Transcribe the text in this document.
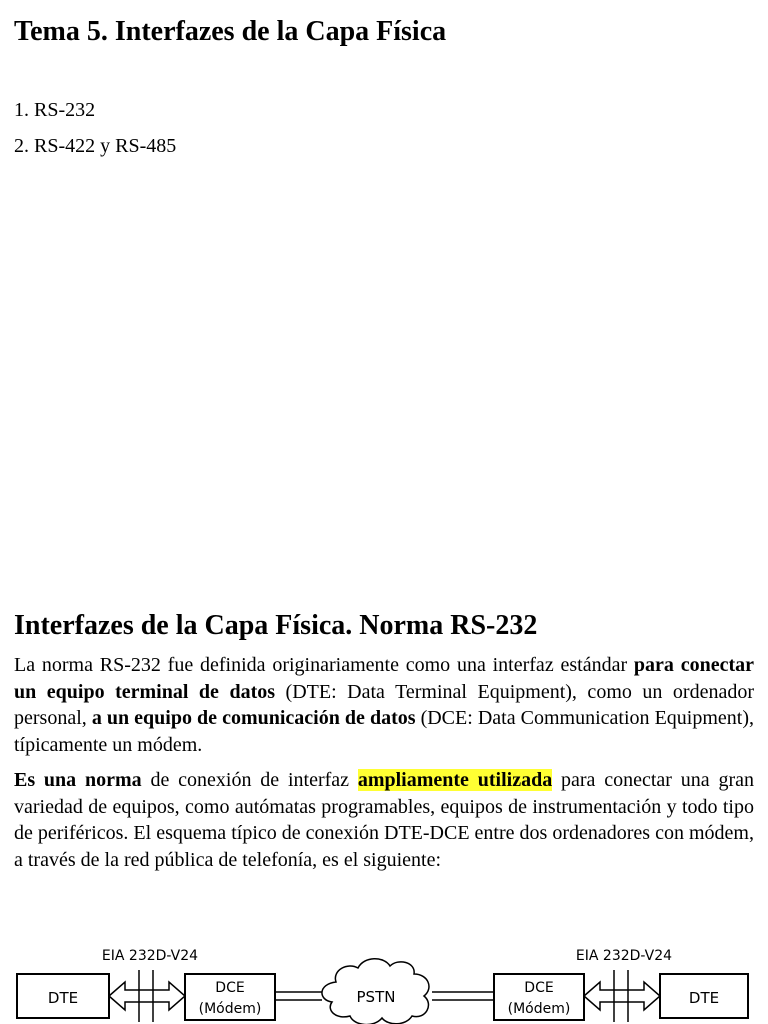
Tema 5. Interfazes de la Capa Física
1. RS-232
2. RS-422 y RS-485
Interfazes de la Capa Física. Norma RS-232

La norma RS-232 fue definida originariamente como una interfaz estándar para conectar un equipo terminal de datos (DTE: Data Terminal Equipment), como un ordenador personal, a un equipo de comunicación de datos (DCE: Data Communication Equipment), típicamente un módem.

Es una norma de conexión de interfaz ampliamente utilizada para conectar una gran variedad de equipos, como autómatas programables, equipos de instrumentación y todo tipo de periféricos. El esquema típico de conexión DTE-DCE entre dos ordenadores con módem, a través de la red pública de telefonía, es el siguiente:

EIA 232D-V24	EIA 232D-V24
DTE
DCE
(Módem)
PSTN	DCE
(Módem)
DTE
